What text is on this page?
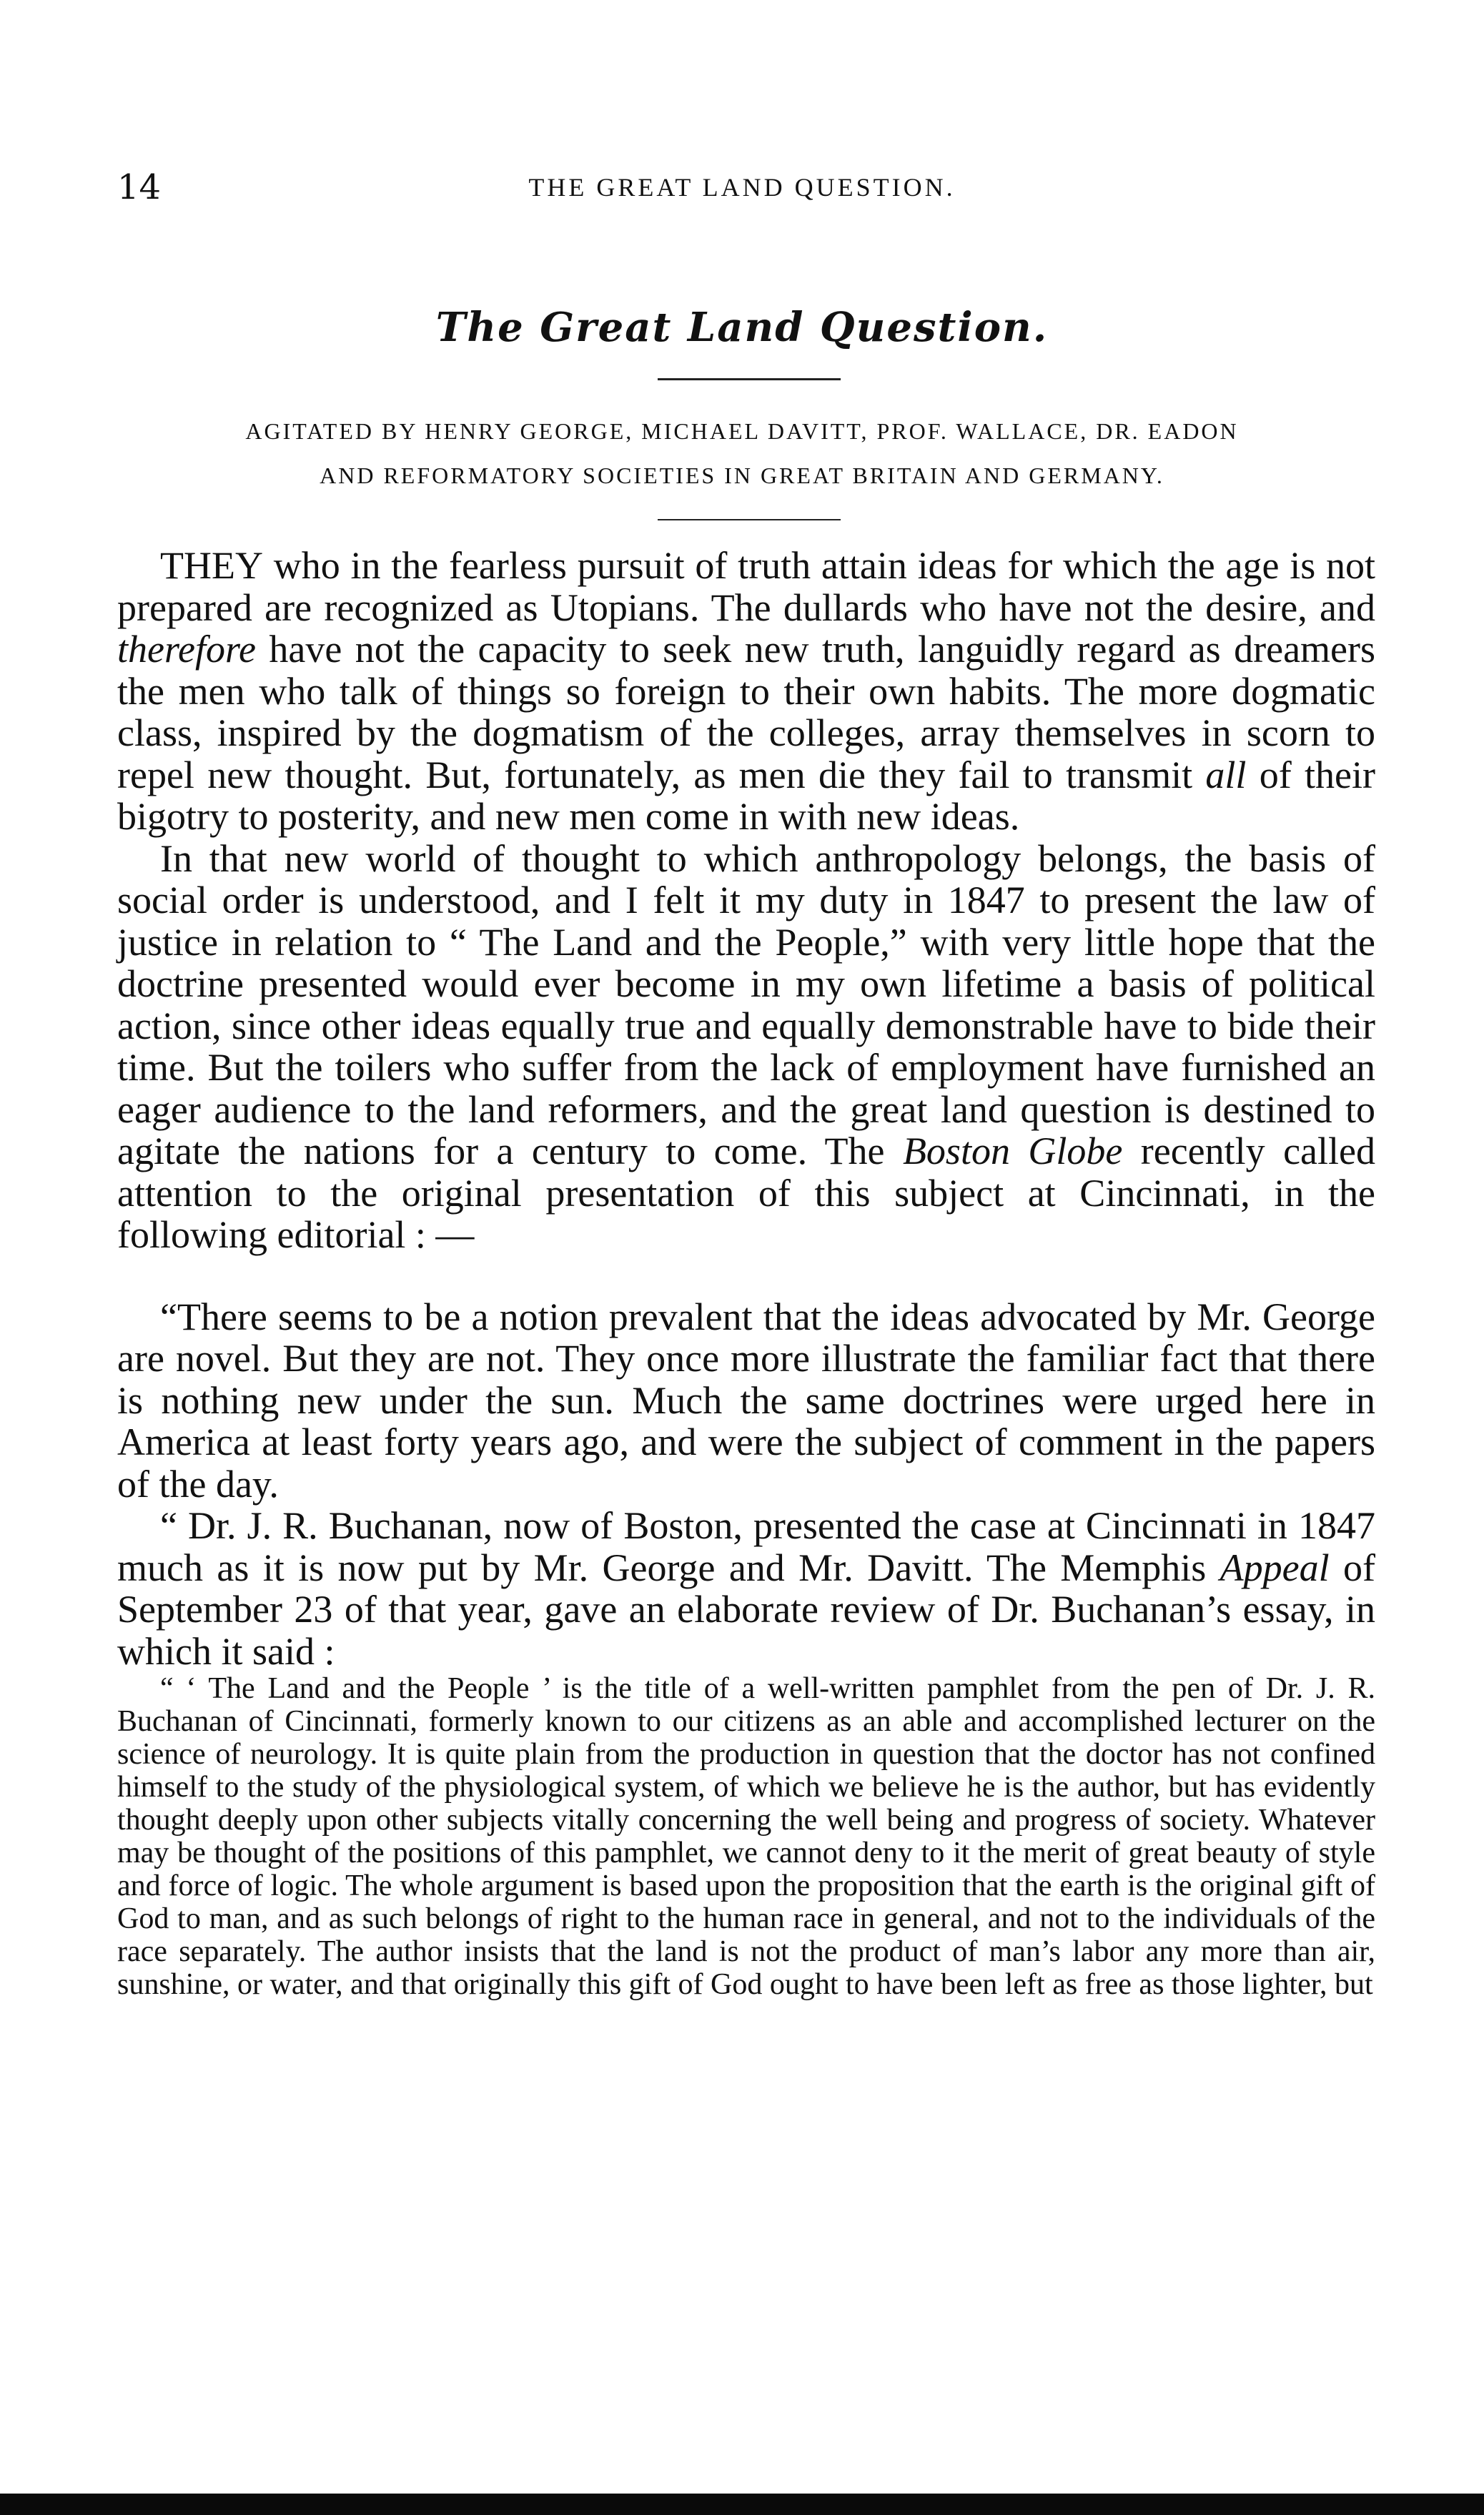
14	THE GREAT LAND QUESTION.
The Great Land Question.
AGITATED BY HENRY GEORGE, MICHAEL DAVITT, PROF. WALLACE, DR. EADON
AND REFORMATORY SOCIETIES IN GREAT BRITAIN AND GERMANY.

THEY who in the fearless pursuit of truth attain ideas for which the age is not prepared are recognized as Utopians. The dullards who have not the desire, and therefore have not the capacity to seek new truth, languidly regard as dreamers the men who talk of things so foreign to their own habits. The more dogmatic class, inspired by the dogmatism of the colleges, array themselves in scorn to repel new thought. But, fortunately, as men die they fail to transmit all of their bigotry to posterity, and new men come in with new ideas.

In that new world of thought to which anthropology belongs, the basis of social order is understood, and I felt it my duty in 1847 to present the law of justice in relation to “ The Land and the People,” with very little hope that the doctrine presented would ever become in my own lifetime a basis of political action, since other ideas equally true and equally demonstrable have to bide their time. But the toilers who suffer from the lack of employment have furnished an eager audience to the land reformers, and the great land question is destined to agitate the nations for a century to come. The Boston Globe recently called attention to the original presentation of this subject at Cincinnati, in the following editorial : —

“There seems to be a notion prevalent that the ideas advocated by Mr. George are novel. But they are not. They once more illustrate the familiar fact that there is nothing new under the sun. Much the same doctrines were urged here in America at least forty years ago, and were the subject of comment in the papers of the day.

“ Dr. J. R. Buchanan, now of Boston, presented the case at Cincinnati in 1847 much as it is now put by Mr. George and Mr. Davitt. The Memphis Appeal of September 23 of that year, gave an elaborate review of Dr. Buchanan’s essay, in which it said :

“ ‘ The Land and the People ’ is the title of a well-written pamphlet from the pen of Dr. J. R. Buchanan of Cincinnati, formerly known to our citizens as an able and accomplished lecturer on the science of neurology. It is quite plain from the production in question that the doctor has not confined himself to the study of the physiological system, of which we believe he is the author, but has evidently thought deeply upon other subjects vitally concerning the well being and progress of society. Whatever may be thought of the positions of this pamphlet, we cannot deny to it the merit of great beauty of style and force of logic. The whole argument is based upon the proposition that the earth is the original gift of God to man, and as such belongs of right to the human race in general, and not to the individuals of the race separately. The author insists that the land is not the product of man’s labor any more than air, sunshine, or water, and that originally this gift of God ought to have been left as free as those lighter, but
